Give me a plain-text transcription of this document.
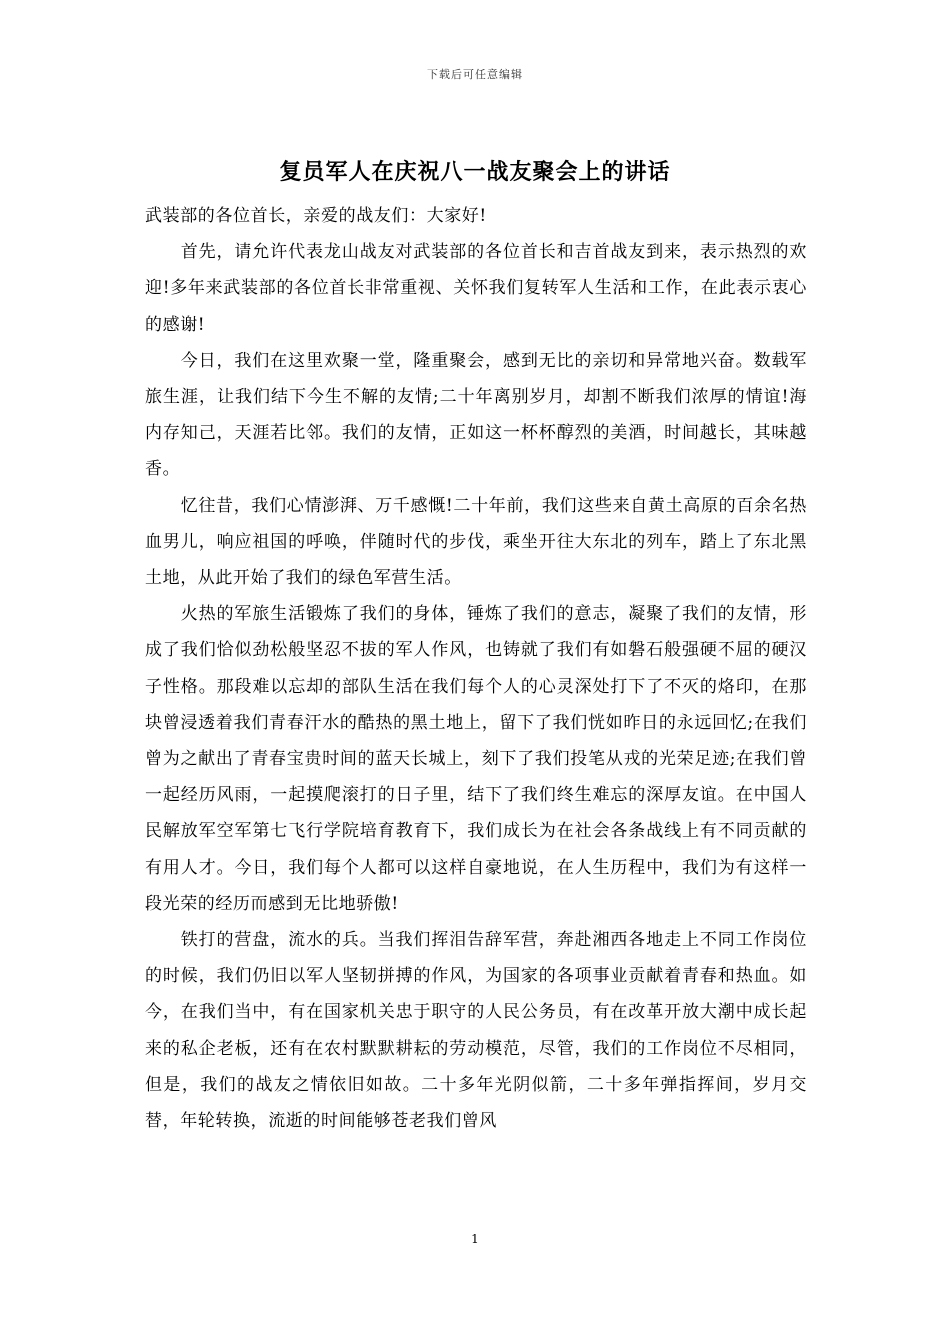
下载后可任意编辑
复员军人在庆祝八一战友聚会上的讲话

武装部的各位首长，亲爱的战友们：大家好!

首先，请允许代表龙山战友对武装部的各位首长和吉首战友到来，表示热烈的欢迎!多年来武装部的各位首长非常重视、关怀我们复转军人生活和工作，在此表示衷心的感谢!

今日，我们在这里欢聚一堂，隆重聚会，感到无比的亲切和异常地兴奋。数载军旅生涯，让我们结下今生不解的友情;二十年离别岁月，却割不断我们浓厚的情谊!海内存知己，天涯若比邻。我们的友情，正如这一杯杯醇烈的美酒，时间越长，其味越香。

忆往昔，我们心情澎湃、万千感慨!二十年前，我们这些来自黄土高原的百余名热血男儿，响应祖国的呼唤，伴随时代的步伐，乘坐开往大东北的列车，踏上了东北黑土地，从此开始了我们的绿色军营生活。

火热的军旅生活锻炼了我们的身体，锤炼了我们的意志，凝聚了我们的友情，形成了我们恰似劲松般坚忍不拔的军人作风，也铸就了我们有如磐石般强硬不屈的硬汉子性格。那段难以忘却的部队生活在我们每个人的心灵深处打下了不灭的烙印，在那块曾浸透着我们青春汗水的酷热的黑土地上，留下了我们恍如昨日的永远回忆;在我们曾为之献出了青春宝贵时间的蓝天长城上，刻下了我们投笔从戎的光荣足迹;在我们曾一起经历风雨，一起摸爬滚打的日子里，结下了我们终生难忘的深厚友谊。在中国人民解放军空军第七飞行学院培育教育下，我们成长为在社会各条战线上有不同贡献的有用人才。今日，我们每个人都可以这样自豪地说，在人生历程中，我们为有这样一段光荣的经历而感到无比地骄傲!

铁打的营盘，流水的兵。当我们挥泪告辞军营，奔赴湘西各地走上不同工作岗位的时候，我们仍旧以军人坚韧拼搏的作风，为国家的各项事业贡献着青春和热血。如今，在我们当中，有在国家机关忠于职守的人民公务员，有在改革开放大潮中成长起来的私企老板，还有在农村默默耕耘的劳动模范，尽管，我们的工作岗位不尽相同，但是，我们的战友之情依旧如故。二十多年光阴似箭，二十多年弹指挥间，岁月交替，年轮转换，流逝的时间能够苍老我们曾风

1
